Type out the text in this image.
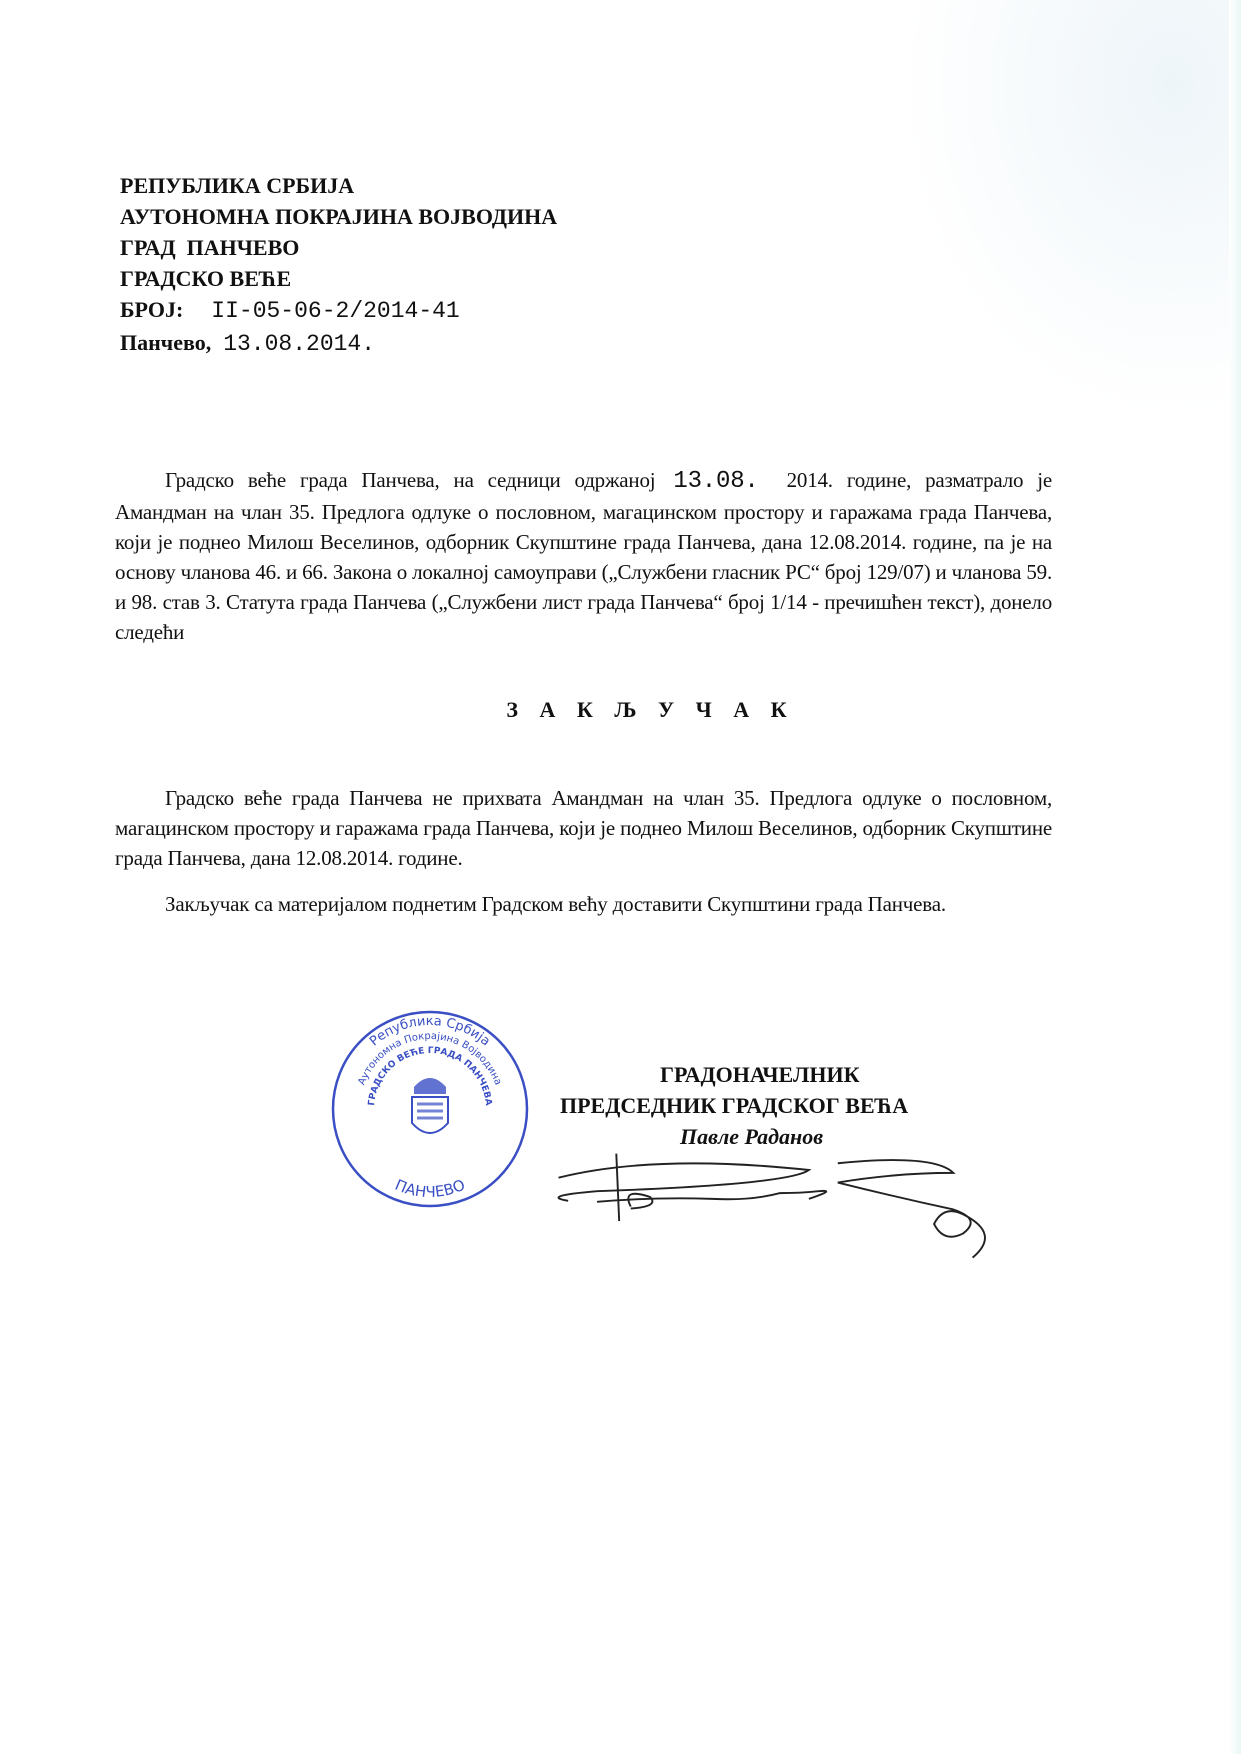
РЕПУБЛИКА СРБИЈА
АУТОНОМНА ПОКРАЈИНА ВОЈВОДИНА
ГРАД  ПАНЧЕВО
ГРАДСКО ВЕЋЕ
БРОЈ: II-05-06-2/2014-41
Панчево, 13.08.2014.
Градско веће града Панчева, на седници одржаној 13.08. 2014. године, разматрало је Амандман на члан 35. Предлога одлуке о пословном, магацинском простору и гаражама града Панчева, који је поднео Милош Веселинов, одборник Скупштине града Панчева, дана 12.08.2014. године, па је на основу чланова 46. и 66. Закона о локалној самоуправи („Службени гласник РС“ број 129/07) и чланова 59. и 98. став 3. Статута града Панчева („Службени лист града Панчева“ број 1/14 - пречишћен текст), донело следећи
З А К Љ У Ч А К
Градско веће града Панчева не прихвата Амандман на члан 35. Предлога одлуке о пословном, магацинском простору и гаражама града Панчева, који је поднео Милош Веселинов, одборник Скупштине града Панчева, дана 12.08.2014. године.
Закључак са материјалом поднетим Градском већу доставити Скупштини града Панчева.
Република Србија
Аутономна Покрајина Војводина
ГРАДСКО ВЕЋЕ ГРАДА ПАНЧЕВА
ПАНЧЕВО
ГРАДОНАЧЕЛНИК
ПРЕДСЕДНИК ГРАДСКОГ ВЕЋА
Павле Раданов
